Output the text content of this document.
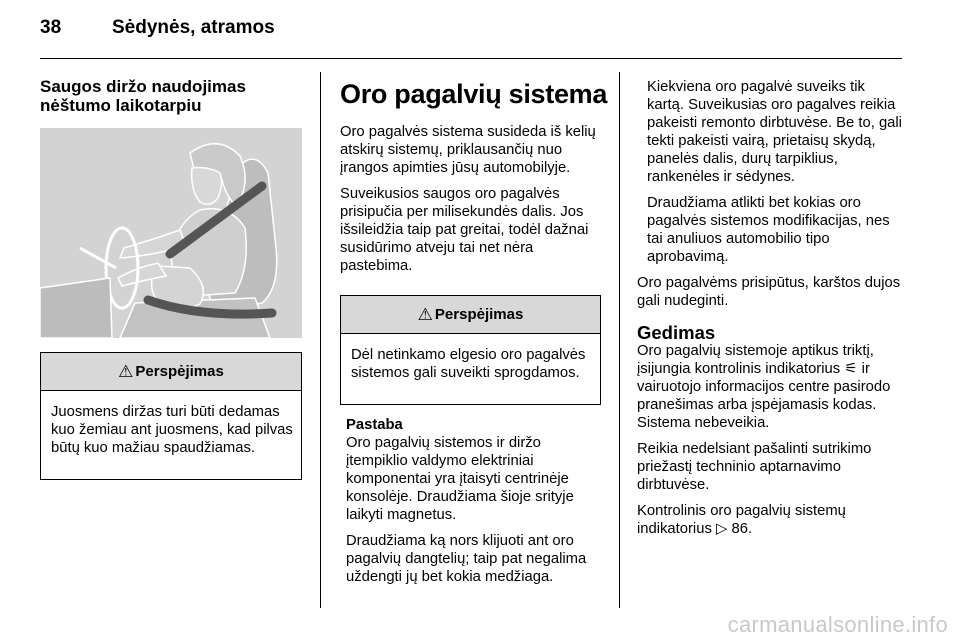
38	Sėdynės, atramos
Saugos diržo naudojimas nėštumo laikotarpiu
⚠ Perspėjimas
Juosmens diržas turi būti dedamas kuo žemiau ant juosmens, kad pilvas būtų kuo mažiau spaudžiamas.
Oro pagalvių sistema

Oro pagalvės sistema susideda iš kelių atskirų sistemų, priklausančių nuo įrangos apimties jūsų automobilyje.

Suveikusios saugos oro pagalvės prisipučia per milisekundės dalis. Jos išsileidžia taip pat greitai, todėl dažnai susidūrimo atveju tai net nėra pastebima.

⚠ Perspėjimas
Dėl netinkamo elgesio oro pagalvės sistemos gali suveikti sprogdamos.
Pastaba

Oro pagalvių sistemos ir diržo įtempiklio valdymo elektriniai komponentai yra įtaisyti centrinėje konsolėje. Draudžiama šioje srityje laikyti magnetus.

Draudžiama ką nors klijuoti ant oro pagalvių dangtelių; taip pat negalima uždengti jų bet kokia medžiaga.

Kiekviena oro pagalvė suveiks tik kartą. Suveikusias oro pagalves reikia pakeisti remonto dirbtuvėse. Be to, gali tekti pakeisti vairą, prietaisų skydą, panelės dalis, durų tarpiklius, rankenėles ir sėdynes.

Draudžiama atlikti bet kokias oro pagalvės sistemos modifikacijas, nes tai anuliuos automobilio tipo aprobavimą.

Oro pagalvėms prisipūtus, karštos dujos gali nudeginti.

Gedimas

Oro pagalvių sistemoje aptikus triktį, įsijungia kontrolinis indikatorius ⚟ ir vairuotojo informacijos centre pasirodo pranešimas arba įspėjamasis kodas. Sistema nebeveikia.

Reikia nedelsiant pašalinti sutrikimo priežastį techninio aptarnavimo dirbtuvėse.

Kontrolinis oro pagalvių sistemų indikatorius ▷ 86.

carmanualsonline.info
